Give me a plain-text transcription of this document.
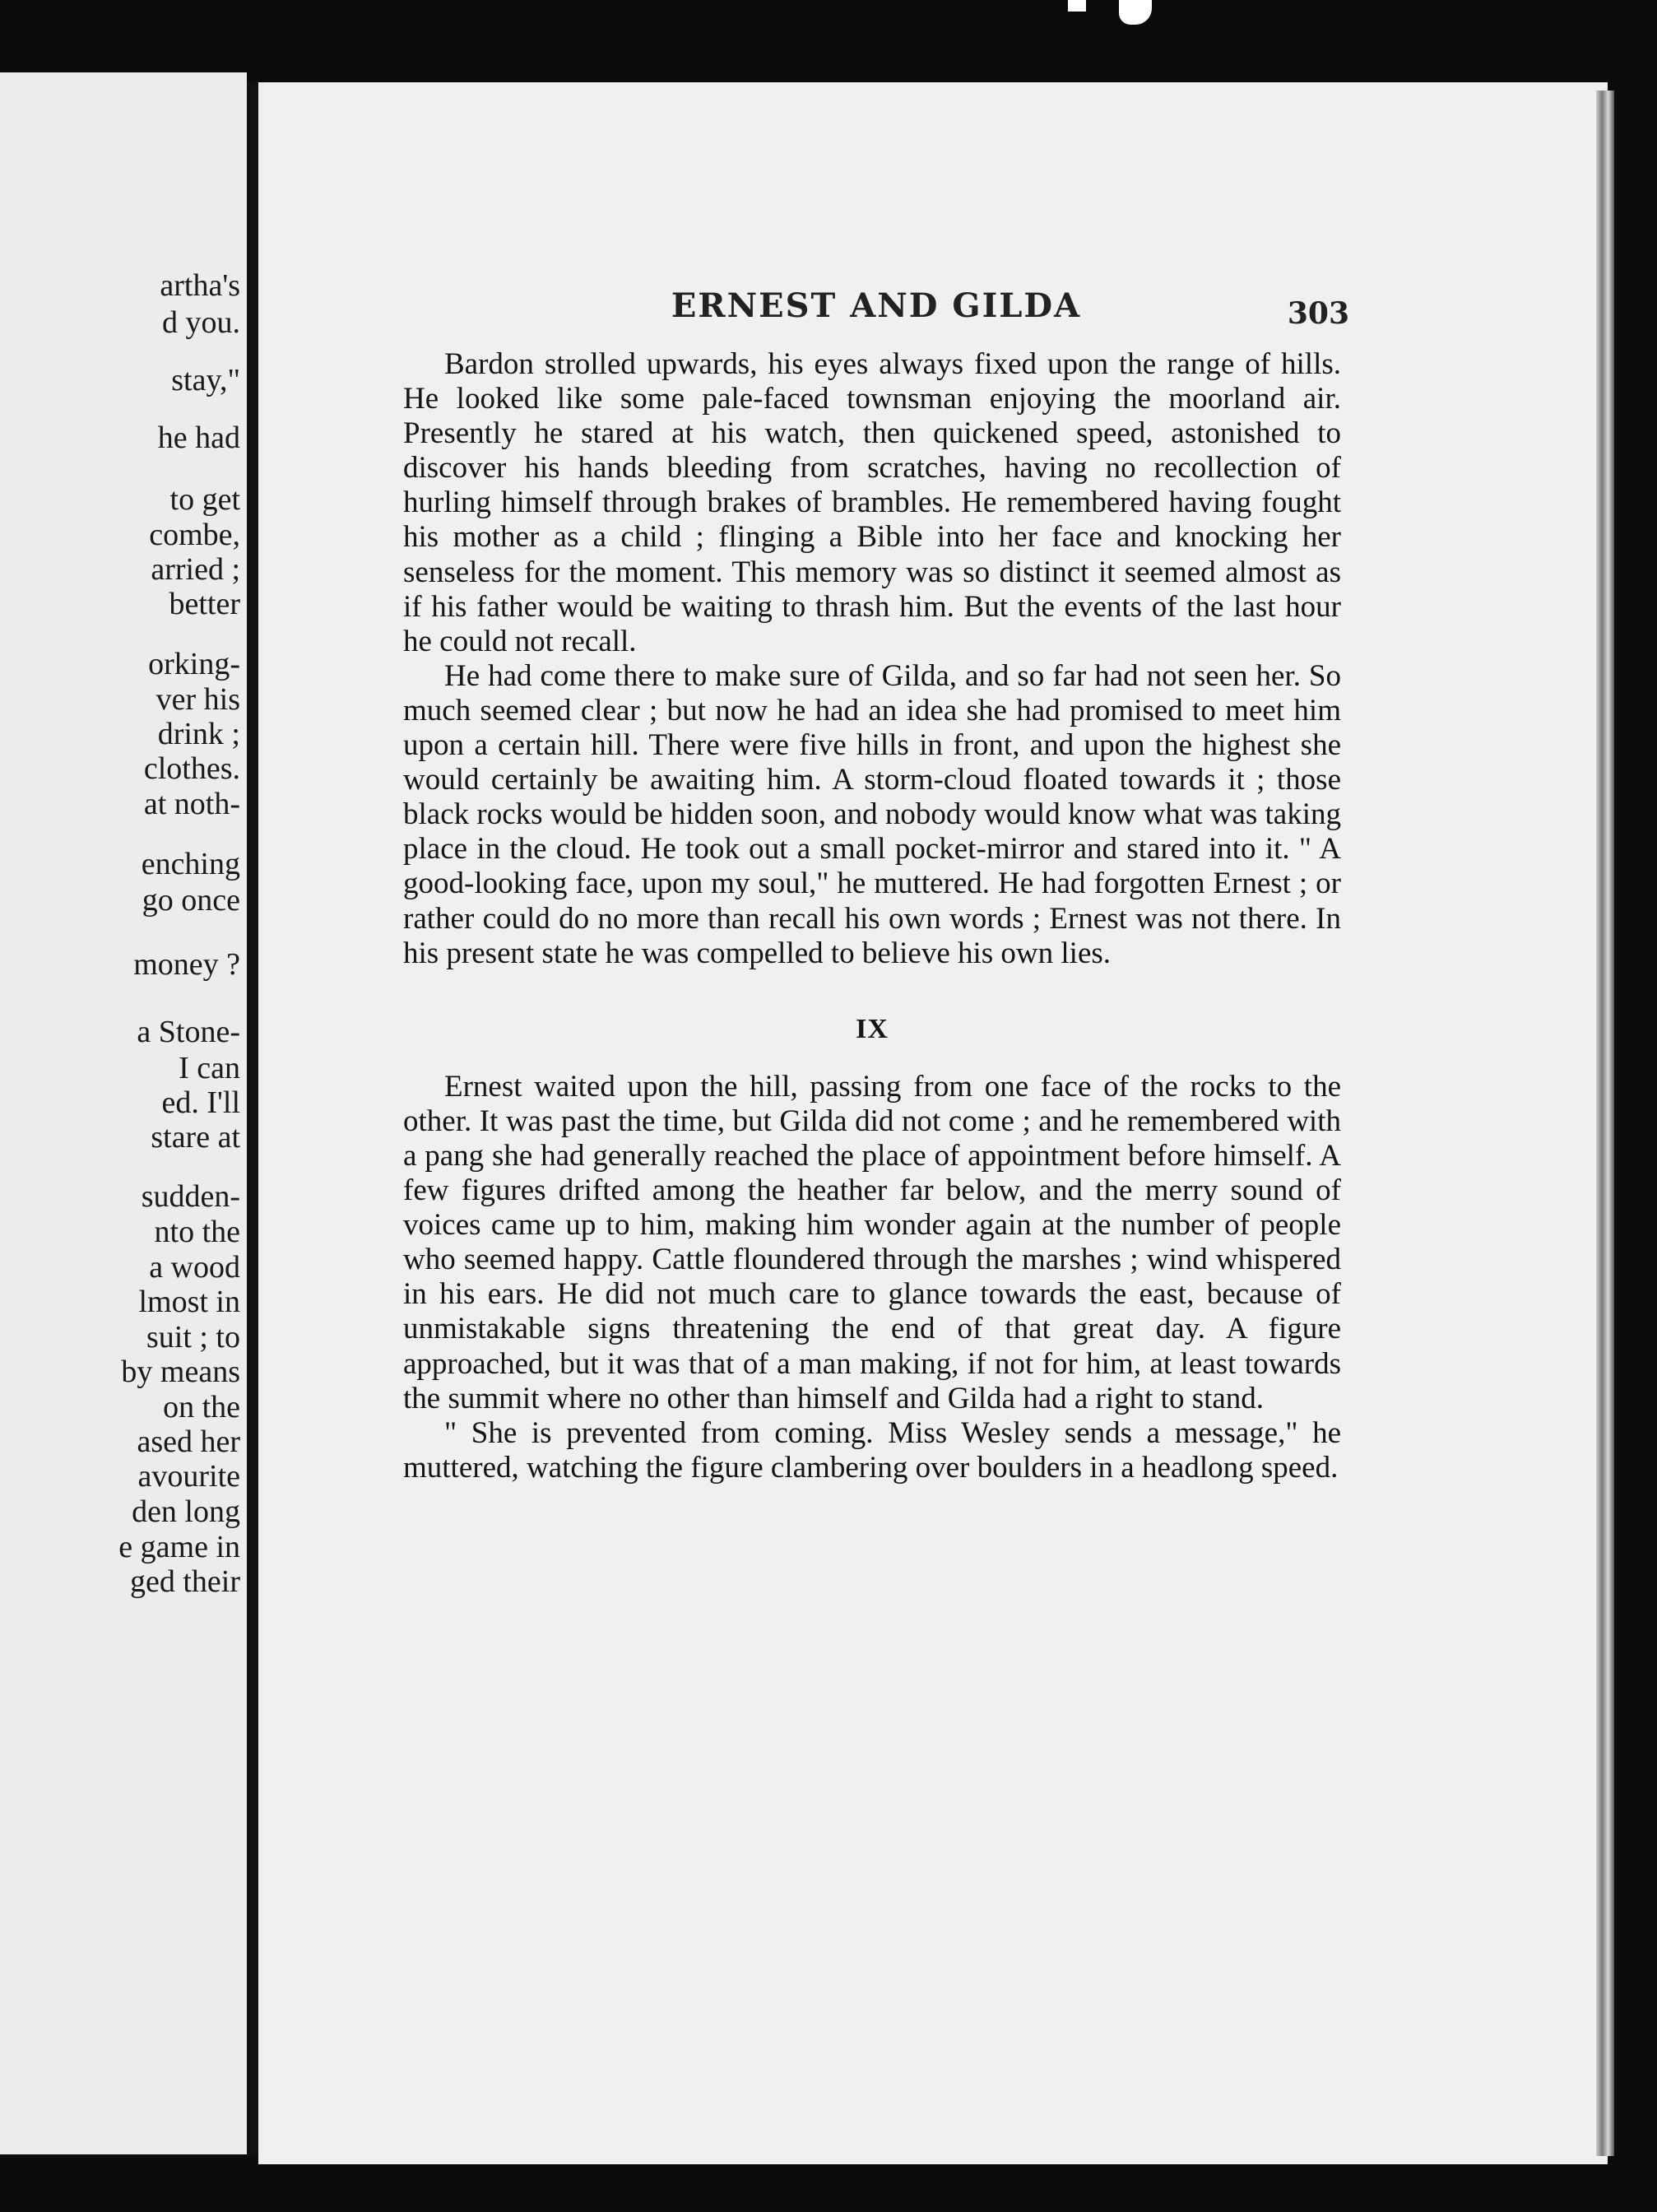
artha's
d you.
stay,"
he had
to get
combe,
arried ;
better
orking-
ver his
drink ;
clothes.
at noth-
enching
go once
money ?
a Stone-
I can
ed. I'll
stare at
sudden-
nto the
a wood
lmost in
suit ; to
by means
on the
ased her
avourite
den long
e game in
ged their
ERNEST AND GILDA	303

Bardon strolled upwards, his eyes always fixed upon the range of hills. He looked like some pale-faced townsman enjoying the moorland air. Presently he stared at his watch, then quickened speed, astonished to discover his hands bleeding from scratches, having no recollection of hurling himself through brakes of brambles. He remembered having fought his mother as a child ; flinging a Bible into her face and knocking her senseless for the moment. This memory was so distinct it seemed almost as if his father would be waiting to thrash him. But the events of the last hour he could not recall.

He had come there to make sure of Gilda, and so far had not seen her. So much seemed clear ; but now he had an idea she had promised to meet him upon a certain hill. There were five hills in front, and upon the highest she would certainly be awaiting him. A storm-cloud floated towards it ; those black rocks would be hidden soon, and nobody would know what was taking place in the cloud. He took out a small pocket-mirror and stared into it. " A good-looking face, upon my soul," he muttered. He had forgotten Ernest ; or rather could do no more than recall his own words ; Ernest was not there. In his present state he was compelled to believe his own lies.

IX

Ernest waited upon the hill, passing from one face of the rocks to the other. It was past the time, but Gilda did not come ; and he remembered with a pang she had generally reached the place of appointment before himself. A few figures drifted among the heather far below, and the merry sound of voices came up to him, making him wonder again at the number of people who seemed happy. Cattle floundered through the marshes ; wind whispered in his ears. He did not much care to glance towards the east, because of unmistakable signs threatening the end of that great day. A figure approached, but it was that of a man making, if not for him, at least towards the summit where no other than himself and Gilda had a right to stand.

" She is prevented from coming. Miss Wesley sends a message," he muttered, watching the figure clambering over boulders in a headlong speed.
